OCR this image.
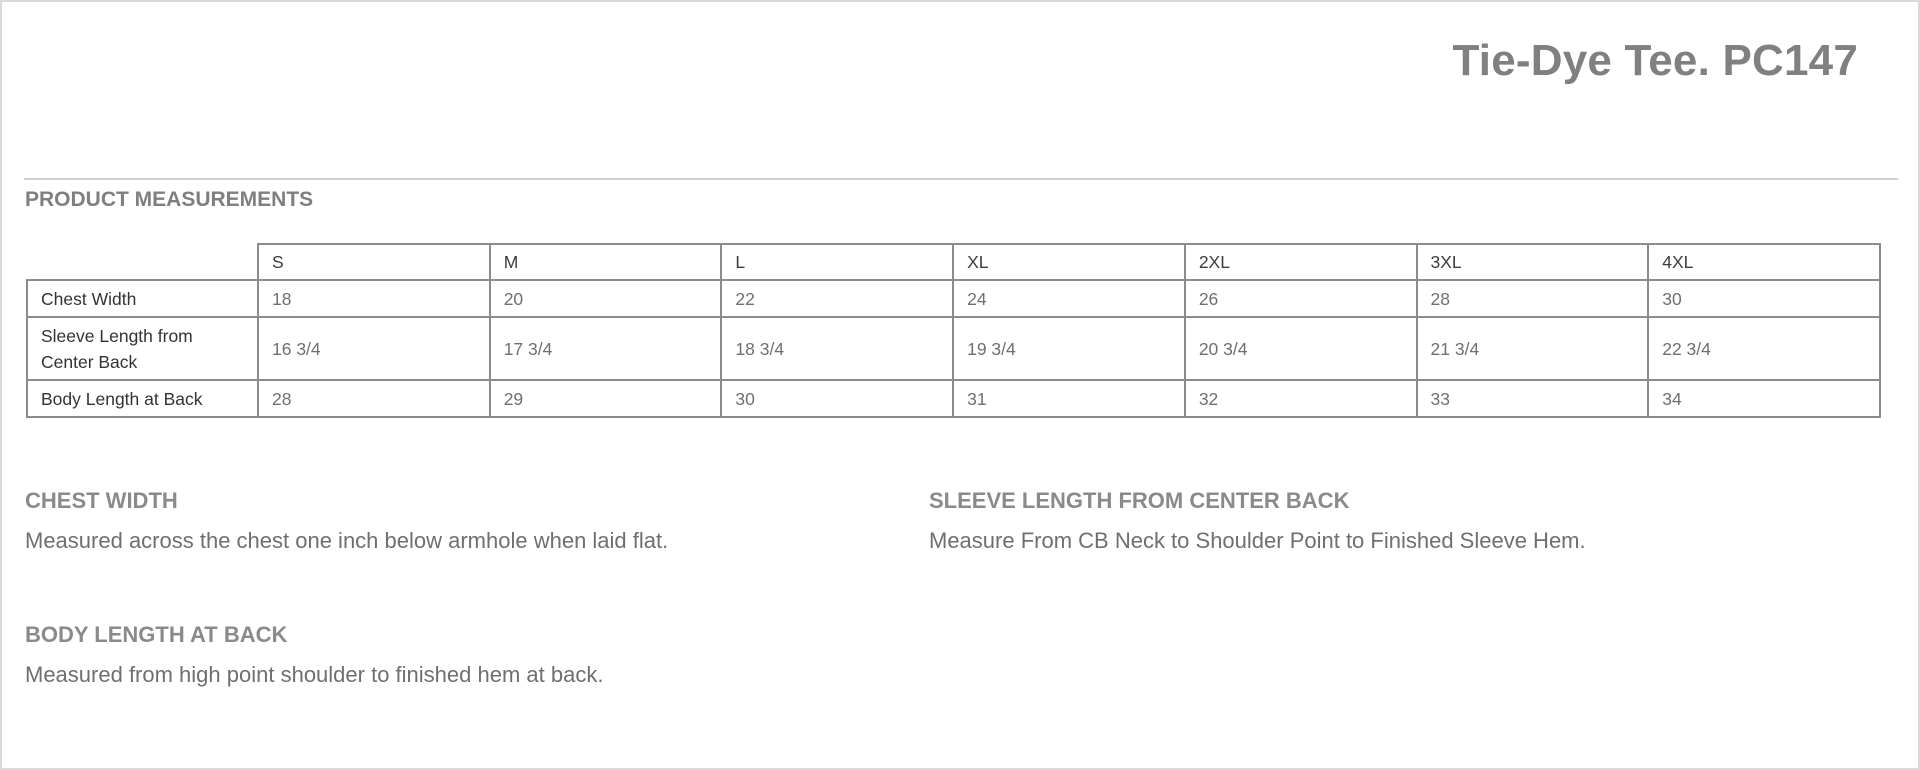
Tie-Dye Tee. PC147
PRODUCT MEASUREMENTS
	S	M	L	XL	2XL	3XL	4XL
Chest Width	18	20	22	24	26	28	30
Sleeve Length from Center Back	16 3/4	17 3/4	18 3/4	19 3/4	20 3/4	21 3/4	22 3/4
Body Length at Back	28	29	30	31	32	33	34
CHEST WIDTH

Measured across the chest one inch below armhole when laid flat.

SLEEVE LENGTH FROM CENTER BACK

Measure From CB Neck to Shoulder Point to Finished Sleeve Hem.

BODY LENGTH AT BACK

Measured from high point shoulder to finished hem at back.
